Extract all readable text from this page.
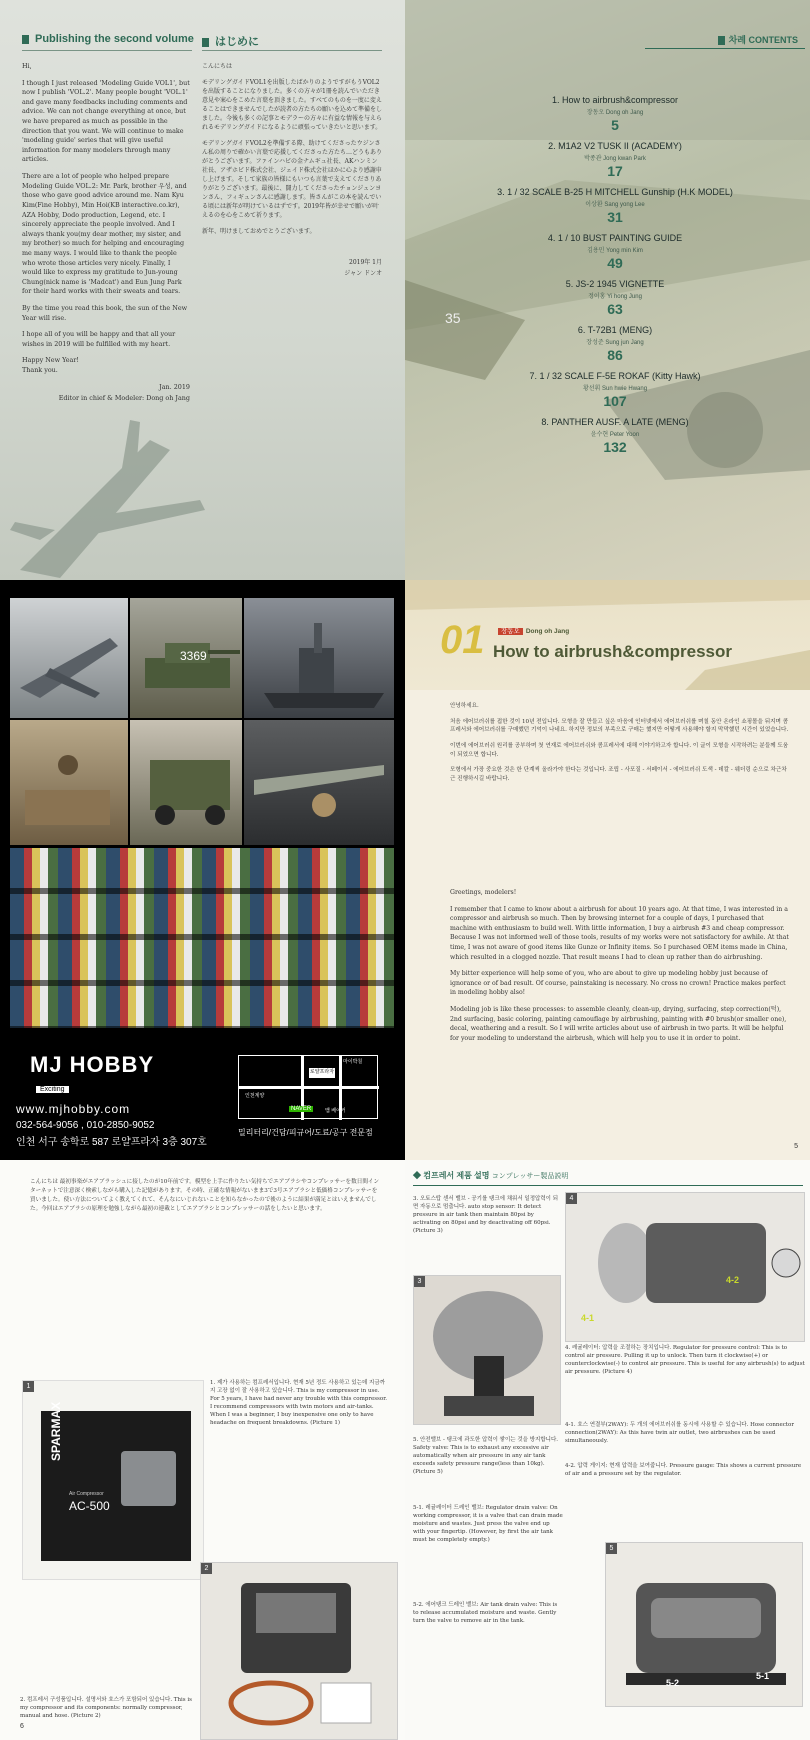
Publishing the second volume	はじめに

Hi,

I though I just released 'Modeling Guide VOL1', but now I publish 'VOL.2'. Many people bought 'VOL.1' and gave many feedbacks including comments and advice. We can not change everything at once, but we have prepared as much as possible in the direction that you want. We will continue to make 'modeling guide' series that will give useful information for many modelers through many articles.

There are a lot of people who helped prepare Modeling Guide VOL.2: Mr. Park, brother 우성, and those who gave good advice around me. Nam Kyu Kim(Fine Hobby), Min Hoi(KB interactive.co.kr), AZA Hobby, Dodo production, Legend, etc. I sincerely appreciate the people involved. And I always thank you(my dear mother, my sister, and my brother) so much for helping and encouraging me many ways. I would like to thank the people who wrote those articles very nicely. Finally, I would like to express my gratitude to Jun-young Chung(nick name is 'Madcat') and Eun Jung Park for their hard works with their sweats and tears.

By the time you read this book, the sun of the New Year will rise.

I hope all of you will be happy and that all your wishes in 2019 will be fulfilled with my heart.

Happy New Year!
Thank you.

Jan. 2019

Editor in chief & Modeler: Dong oh Jang

こんにちは

モデリングガイドVOL1を出版したばかりのようですがもうVOL2を出版することになりました。多くの方々が1冊を読んでいただき意見や案心をこめた言葉を頂きました。すべてのものを一度に変えることはできませんでしたが読者の方たちの願いを込めて準備をしました。今後も多くの記事とモデラーの方々に有益な情報を与えられるモデリングガイドになるように頑張っていきたいと思います。

モデリングガイドVOL2を準備する際、助けてくださったウジンさん私の周りで確かい言葉で応援してくださった方たち…どうもありがとうございます。ファインハビの金ナムギュ社長、AKハンミン社長、アザホビド株式会社、ジェイド株式会社ほかに心より感謝申し上げます。そして家族の皆様にもいつも言葉で支えてくださりありがとうございます。最後に、闘力してくださったチョンジュンヨンさん、フィギュンさんに感謝します。皆さんがこの本を読んでいる頃には新年が明けているはずです。2019年皆が幸せで願いが叶えるのを心をこめて祈ります。

新年、明けましておめでとうございます。

2019年 1月

ジャン ドンオ

차례 CONTENTS
35
1. How to airbrush&compressor
장동오 Dong oh Jang
5
2. M1A2 V2 TUSK II (ACADEMY)
박종관 Jong kwan Park
17
3. 1 / 32 SCALE B-25 H MITCHELL Gunship (H.K MODEL)
이상환 Sang yong Lee
31
4. 1 / 10 BUST PAINTING GUIDE
김용민 Yong min Kim
49
5. JS-2 1945 VIGNETTE
정이홍 Yi hong Jung
63
6. T-72B1 (MENG)
장성준 Sung jun Jang
86
7. 1 / 32 SCALE F-5E ROKAF (Kitty Hawk)
황선휘 Sun hwie Hwang
107
8. PANTHER AUSF. A LATE (MENG)
윤수현 Peter Yoon
132
3369
MJ HOBBY
Exciting
www.mjhobby.com
032-564-9056 , 010-2850-9052
인천 서구 송학로 587 로얄프라자 3층 307호
로얄프라자
마이박칠
인천계양
NAVER	맵 베이커
밀리터리/건담/피규어/도료/공구 전문점
01	장동오 Dong oh Jang
How to airbrush&compressor

안녕하세요.

처음 에어브러쉬를 접한 것이 10년 전입니다. 모형을 잘 만들고 싶은 마음에 인터넷에서 에어브러쉬를 며칠 동안 온라인 쇼핑몰을 뒤지며 콤프레서와 에어브러쉬를 구매했던 기억이 나네요. 하지만 정보의 부족으로 구매는 했지만 어떻게 사용해야 할지 막막했던 시간이 있었습니다.

이번에 에어브러쉬 원리를 공부하며 첫 연재로 에어브러쉬와 콤프레서에 대해 이야기하고자 합니다. 이 글이 모형을 시작하려는 분들께 도움이 되었으면 합니다.

모형에서 가장 중요한 것은 한 단계씩 올라가야 한다는 것입니다. 조립 - 사포질 - 서페이서 - 에어브러쉬 도색 - 데칼 - 웨더링 순으로 차근차근 진행하시길 바랍니다.

Greetings, modelers!

I remember that I came to know about a airbrush for about 10 years ago. At that time, I was interested in a compressor and airbrush so much. Then by browsing internet for a couple of days, I purchased that machine with enthusiasm to build well. With little information, I buy a airbrush #3 and cheap compressor. Because I was not informed well of those tools, results of my works were not satisfactory for awhile. At that time, I was not aware of good items like Gunze or Infinity items. So I purchased OEM items made in China, which resulted in a clogged nozzle. That result means I had to clean up rather than do airbrushing.

My bitter experience will help some of you, who are about to give up modeling hobby just because of ignorance or of bad result. Of course, painstaking is necessary. No cross no crown! Practice makes perfect in modeling hobby also!

Modeling job is like these processes: to assemble cleanly, clean-up, drying, surfacing, step correction(턱), 2nd surfacing, basic coloring, painting camouflage by airbrushing, painting with #0 brush(or smaller one), decal, weathering and a result. So I will write articles about use of airbrush in two parts. It will be helpful for your modeling to understand the airbrush, which will help you to use it in order to point.

5

こんにちは 最初事楽がエアブラッシュに接したのが10年前です。模型を上手に作りたい気持ちでエアブラシやコンプレッサーを数日間インターネットで注意深く検索しながら購入した記憶があります。その時、正確な情報がないまま3で3号エアブラシと低価格コンプレッサーを買いました。使い方法についてよく教えてくれて、そんなにいじれないことを知らなかったので後のように結果が満足とはいえませんでした。今回はエアブラシの原理を勉強しながら最初の連載としてエアブラシとコンプレッサーの話をしたいと思います。

1
SPARMAX
Air Compressor
AC-500
1. 제가 사용하는 컴프레서입니다. 현재 5년 정도 사용하고 있는데 지금까지 고장 없이 잘 사용하고 있습니다. This is my compressor in use. For 5 years, I have had never any trouble with this compressor. I recommend compressors with twin motors and air-tanks. When I was a beginner, I buy inexpensive one only to have headache on frequent breakdowns. (Picture 1)
2
2. 컴프레서 구성품입니다. 설명서와 호스가 포함되어 있습니다. This is my compressor and its components: normally compressor, manual and hose. (Picture 2)
6
◆ 컴프레서 제품 설명 コンプレッサー製品説明
3. 오토스탑 센서 밸브 - 공기를 탱크에 채워서 일정압력이 되면 자동으로 멈춥니다. auto stop sensor: It detect pressure in air tank then maintain 80psi by activating on 80psi and by deactivating off 60psi. (Picture 3)
4
4-2
4-1
3
4. 레귤레이터: 압력을 조절하는 장치입니다. Regulator for pressure control: This is to control air pressure. Pulling it up to unlock. Then turn it clockwise(+) or counterclockwise(-) to control air pressure. This is useful for any airbrush(s) to adjust air pressure. (Picture 4)
4-1. 호스 연결부(2WAY): 두 개의 에어브러쉬를 동시에 사용할 수 있습니다. Hose connector connection(2WAY): As this have twin air outlet, two airbrushes can be used simultaneously.
4-2. 압력 게이지: 현재 압력을 보여줍니다. Pressure gauge: This shows a current pressure of air and a pressure set by the regulator.
5. 안전밸브 - 탱크에 과도한 압력이 쌓이는 것을 방지합니다. Safety valve: This is to exhaust any excessive air automatically when air pressure in any air tank exceeds safety pressure range(less than 10kg). (Picture 5)
5-1. 레귤레이터 드레인 밸브: Regulator drain valve: On working compressor, it is a valve that can drain made moisture and wastes. Just press the valve end up with your fingertip. (However, by first the air tank must be completely empty.)
5-2. 에어탱크 드레인 밸브: Air tank drain valve: This is to release accumulated moisture and waste. Gently turn the valve to remove air in the tank.
5
5-2
5-1
